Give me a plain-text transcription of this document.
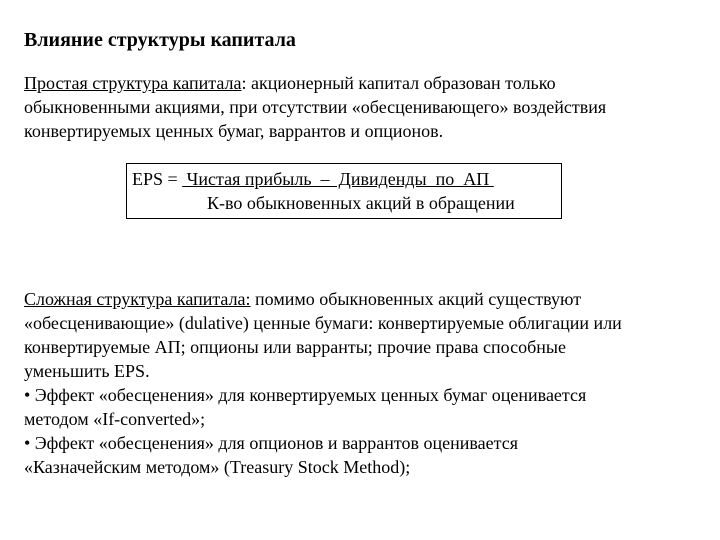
Влияние структуры капитала
Простая структура капитала: акционерный капитал образован только
обыкновенными акциями, при отсутствии «обесценивающего» воздействия
конвертируемых ценных бумаг, варрантов и опционов.
EPS =  Чистая прибыль  –  Дивиденды  по  АП
К-во обыкновенных акций в обращении
Сложная структура капитала: помимо обыкновенных акций существуют
«обесценивающие» (dulative) ценные бумаги: конвертируемые облигации или
конвертируемые АП; опционы или варранты; прочие права способные
уменьшить EPS.
• Эффект «обесценения» для конвертируемых ценных бумаг оценивается
методом «If-converted»;
• Эффект «обесценения» для опционов и варрантов оценивается
«Казначейским методом» (Treasury Stock Method);
